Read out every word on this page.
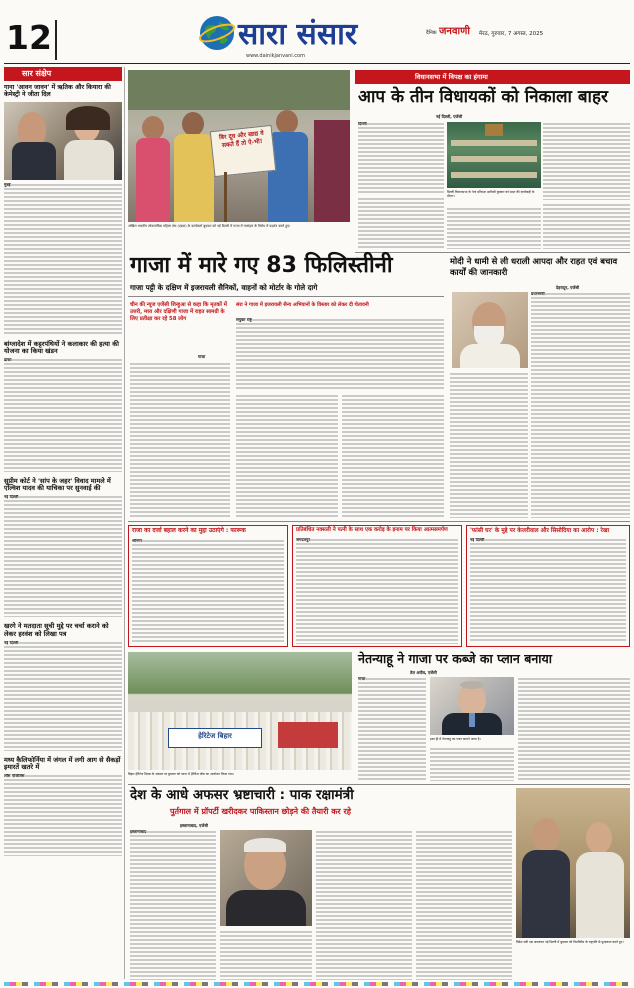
12	सारा संसार
www.dainikjanvani.com
दैनिक जनवाणी मेरठ, गुरुवार, 7 अगस्त, 2025
सार संक्षेप
गाना 'आवन जावन' में ऋतिक और कियारा की केमेस्ट्री ने जीता दिल
मुंबई
बांग्लादेश में कट्टरपंथियों ने कलाकार की हत्या की योजना का किया खंडन
ढाका
सुप्रीम कोर्ट ने 'सांप के जहर' विवाद मामले में एल्विश यादव की याचिका पर सुनवाई की
नई दिल्ली
खरगे ने मतदाता सूची मुद्दे पर चर्चा कराने को लेकर हरवंश को लिखा पत्र
नई दिल्ली
मध्य कैलिफोर्निया में जंगल में लगी आग से सैकड़ों इमारतें खतरे में
लॉस एंजिलिस
बिर दूध और खाद्य वे सकते हैं तो ऐ-भी!
अखिल भारतीय लोकतांत्रिक महिला संघ (एडवा) के कार्यकर्ता बुधवार को नई दिल्ली में गाजा में नरसंहार के विरोध में प्रदर्शन करते हुए।
विधानसभा में विपक्ष का हंगामा
आप के तीन विधायकों को निकाला बाहर
नई दिल्ली, एजेंसी
दिल्ली
दिल्ली विधानसभा के नेता प्रतिपक्ष आतिशी बुधवार को सदन की कार्यवाही के दौरान।
गाजा में मारे गए 83 फिलिस्तीनी
गाजा पट्टी के दक्षिण में इजरायली सैनिकों, वाहनों को मोर्टार के गोले दागे
चीन की न्यूज एजेंसी शिन्हुआ से कहा कि मृतकों में उत्तरी, मध्य और दक्षिणी गाजा में राहत सामग्री के लिए प्रतीक्षा कर रहे 58 लोग
गाजा
संरा ने गाजा में इजरायली सैन्य अभियानों के विस्तार को लेकर दी चेतावनी
संयुक्त राष्ट्र
मोदी ने धामी से ली धराली आपदा और राहत एवं बचाव कार्यों की जानकारी
देहरादून, एजेंसी
प्रधानमंत्री
राजा का दर्जा बहाल करने का मुद्दा उठाएंगे : फारूक
श्रीनगर
प्रतिबंधित नक्सली ने पत्नी के साथ एक करोड़ के इनाम पर किया आत्मसमर्पण
जगदलपुर
'फांसी घर' के मुद्दे पर केजरीवाल और सिसोदिया का आरोप : रेखा
नई दिल्ली
हेरिटेज बिहार
बिहार हेरिटेज दिवस के अवसर पर बुधवार को पटना में हेरिटेज वॉक का आयोजन किया गया।
नेतन्याहू ने गाजा पर कब्जे का प्लान बनाया
तेल अवीव, एजेंसी
गाजा
हाल ही में नेतन्याहू का प्लान सामने आया है।
देश के आधे अफसर भ्रष्टाचारी : पाक रक्षामंत्री
पुर्तगाल में प्रॉपर्टी खरीदकर पाकिस्तान छोड़ने की तैयारी कर रहे
इस्लामाबाद, एजेंसी
इस्लामाबाद
विदेश मंत्री एस जयशंकर नई दिल्ली में बुधवार को फिलीपींस के राष्ट्रपति से मुलाकात करते हुए।
